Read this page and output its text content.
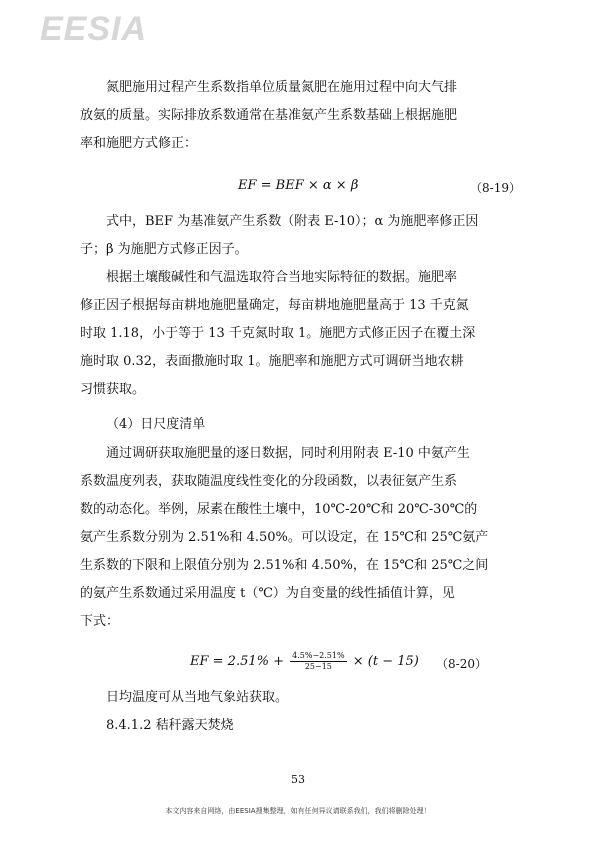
EESIA

氮肥施用过程产生系数指单位质量氮肥在施用过程中向大气排
放氨的质量。实际排放系数通常在基准氨产生系数基础上根据施肥
率和施肥方式修正：

EF = BEF × α × β	（8-19）

式中，BEF 为基准氨产生系数（附表 E-10）；α 为施肥率修正因
子；β 为施肥方式修正因子。

根据土壤酸碱性和气温选取符合当地实际特征的数据。施肥率
修正因子根据每亩耕地施肥量确定，每亩耕地施肥量高于 13 千克氮
时取 1.18，小于等于 13 千克氮时取 1。施肥方式修正因子在覆土深
施时取 0.32，表面撒施时取 1。施肥率和施肥方式可调研当地农耕
习惯获取。

（4）日尺度清单

通过调研获取施肥量的逐日数据，同时利用附表 E-10 中氨产生
系数温度列表，获取随温度线性变化的分段函数，以表征氨产生系
数的动态化。举例，尿素在酸性土壤中，10℃-20℃和 20℃-30℃的
氨产生系数分别为 2.51%和 4.50%。可以设定，在 15℃和 25℃氨产
生系数的下限和上限值分别为 2.51%和 4.50%，在 15℃和 25℃之间
的氨产生系数通过采用温度 t（℃）为自变量的线性插值计算，见
下式：

EF = $2.51\% + \frac{4.5\%-2.51\%}{25-15} \times (t - 15)$ （8-20）
日均温度可从当地气象站获取。
8.4.1.2 秸秆露天焚烧
53
本文内容来自网络，由EESIA搜集整理，如有任何异议请联系我们，我们将删除处理！
